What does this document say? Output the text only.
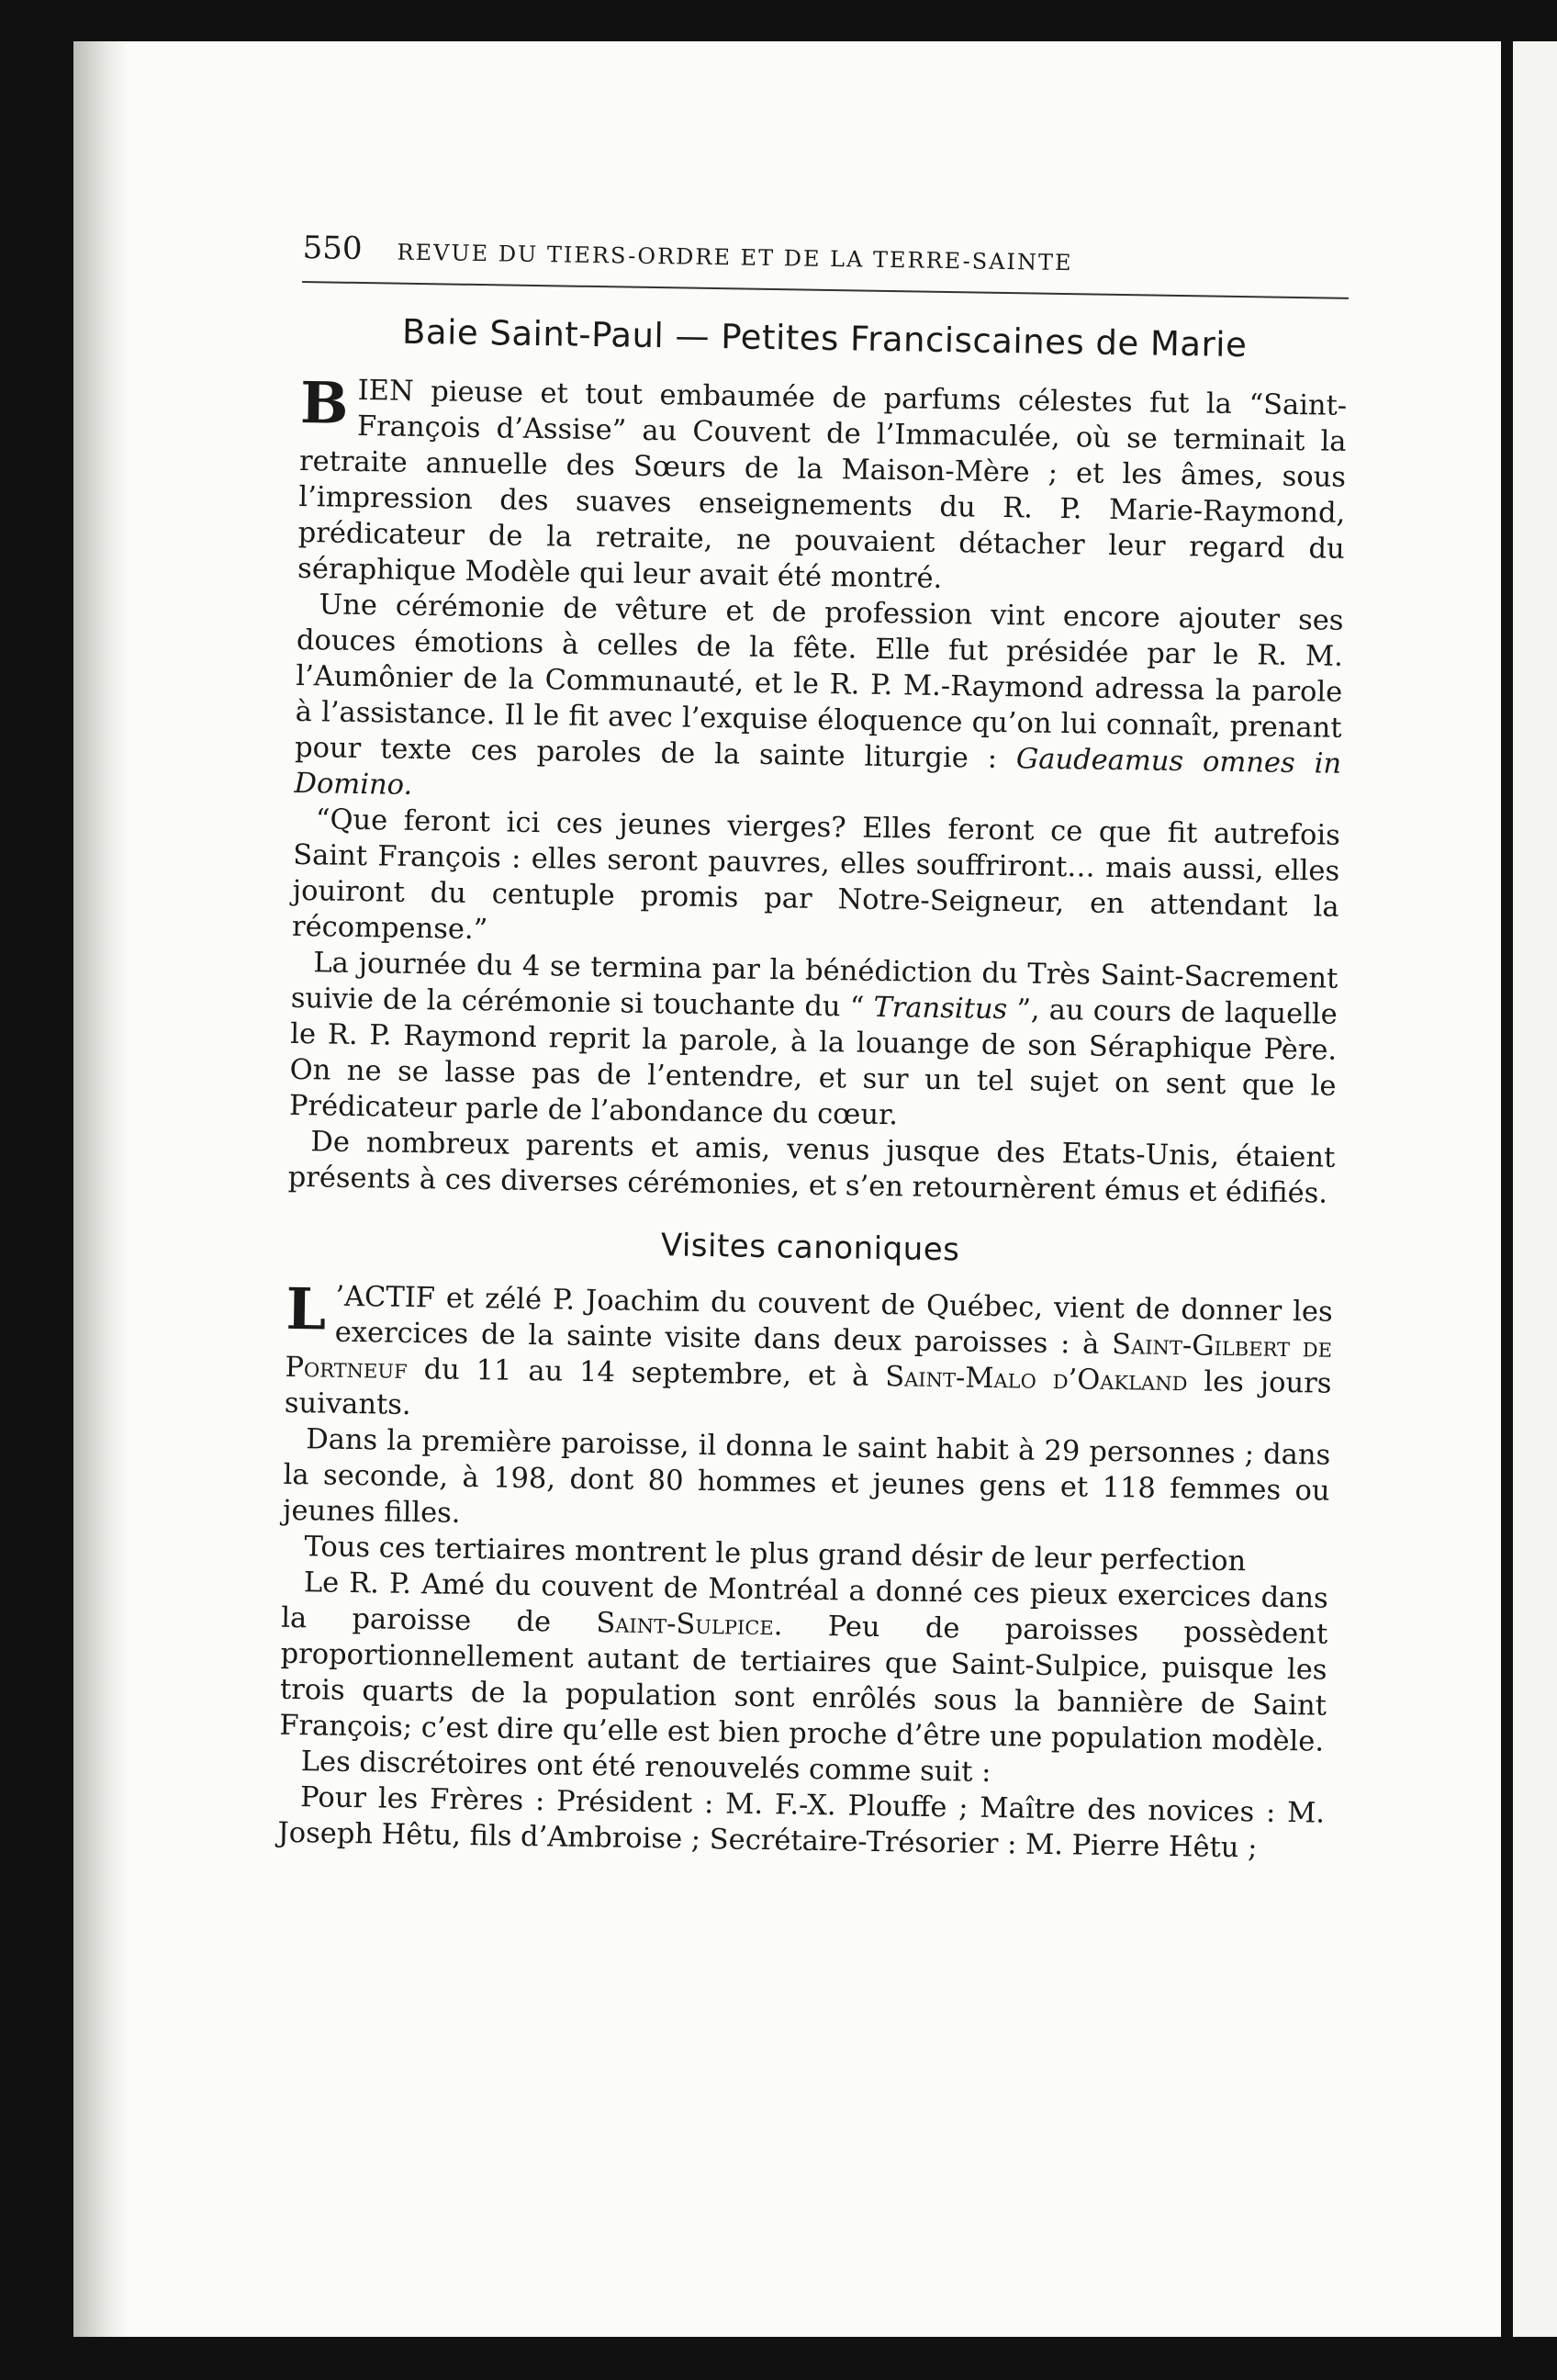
550 REVUE DU TIERS-ORDRE ET DE LA TERRE-SAINTE
Baie Saint-Paul — Petites Franciscaines de Marie

BIEN pieuse et tout embaumée de parfums célestes fut la “Saint-François d’Assise” au Couvent de l’Immaculée, où se terminait la retraite annuelle des Sœurs de la Maison-Mère ; et les âmes, sous l’impression des suaves enseignements du R. P. Marie-Raymond, prédicateur de la retraite, ne pouvaient détacher leur regard du séraphique Modèle qui leur avait été montré.

Une cérémonie de vêture et de profession vint encore ajouter ses douces émotions à celles de la fête. Elle fut présidée par le R. M. l’Aumônier de la Communauté, et le R. P. M.-Raymond adressa la parole à l’assistance. Il le fit avec l’exquise éloquence qu’on lui connaît, prenant pour texte ces paroles de la sainte liturgie : Gaudeamus omnes in Domino.

“Que feront ici ces jeunes vierges? Elles feront ce que fit autrefois Saint François : elles seront pauvres, elles souffriront… mais aussi, elles jouiront du centuple promis par Notre-Seigneur, en attendant la récompense.”

La journée du 4 se termina par la bénédiction du Très Saint-Sacrement suivie de la cérémonie si touchante du “ Transitus ”, au cours de laquelle le R. P. Raymond reprit la parole, à la louange de son Séraphique Père. On ne se lasse pas de l’entendre, et sur un tel sujet on sent que le Prédicateur parle de l’abondance du cœur.

De nombreux parents et amis, venus jusque des Etats-Unis, étaient présents à ces diverses cérémonies, et s’en retournèrent émus et édifiés.

Visites canoniques

L ’ACTIF et zélé P. Joachim du couvent de Québec, vient de donner les exercices de la sainte visite dans deux paroisses : à Saint-Gilbert de Portneuf du 11 au 14 septembre, et à Saint-Malo d’Oakland les jours suivants.

Dans la première paroisse, il donna le saint habit à 29 personnes ; dans la seconde, à 198, dont 80 hommes et jeunes gens et 118 femmes ou jeunes filles.

Tous ces tertiaires montrent le plus grand désir de leur perfection

Le R. P. Amé du couvent de Montréal a donné ces pieux exercices dans la paroisse de Saint-Sulpice. Peu de paroisses possèdent proportionnellement autant de tertiaires que Saint-Sulpice, puisque les trois quarts de la population sont enrôlés sous la bannière de Saint François; c’est dire qu’elle est bien proche d’être une population modèle.

Les discrétoires ont été renouvelés comme suit :

Pour les Frères : Président : M. F.-X. Plouffe ; Maître des novices : M. Joseph Hêtu, fils d’Ambroise ; Secrétaire-Trésorier : M. Pierre Hêtu ;
